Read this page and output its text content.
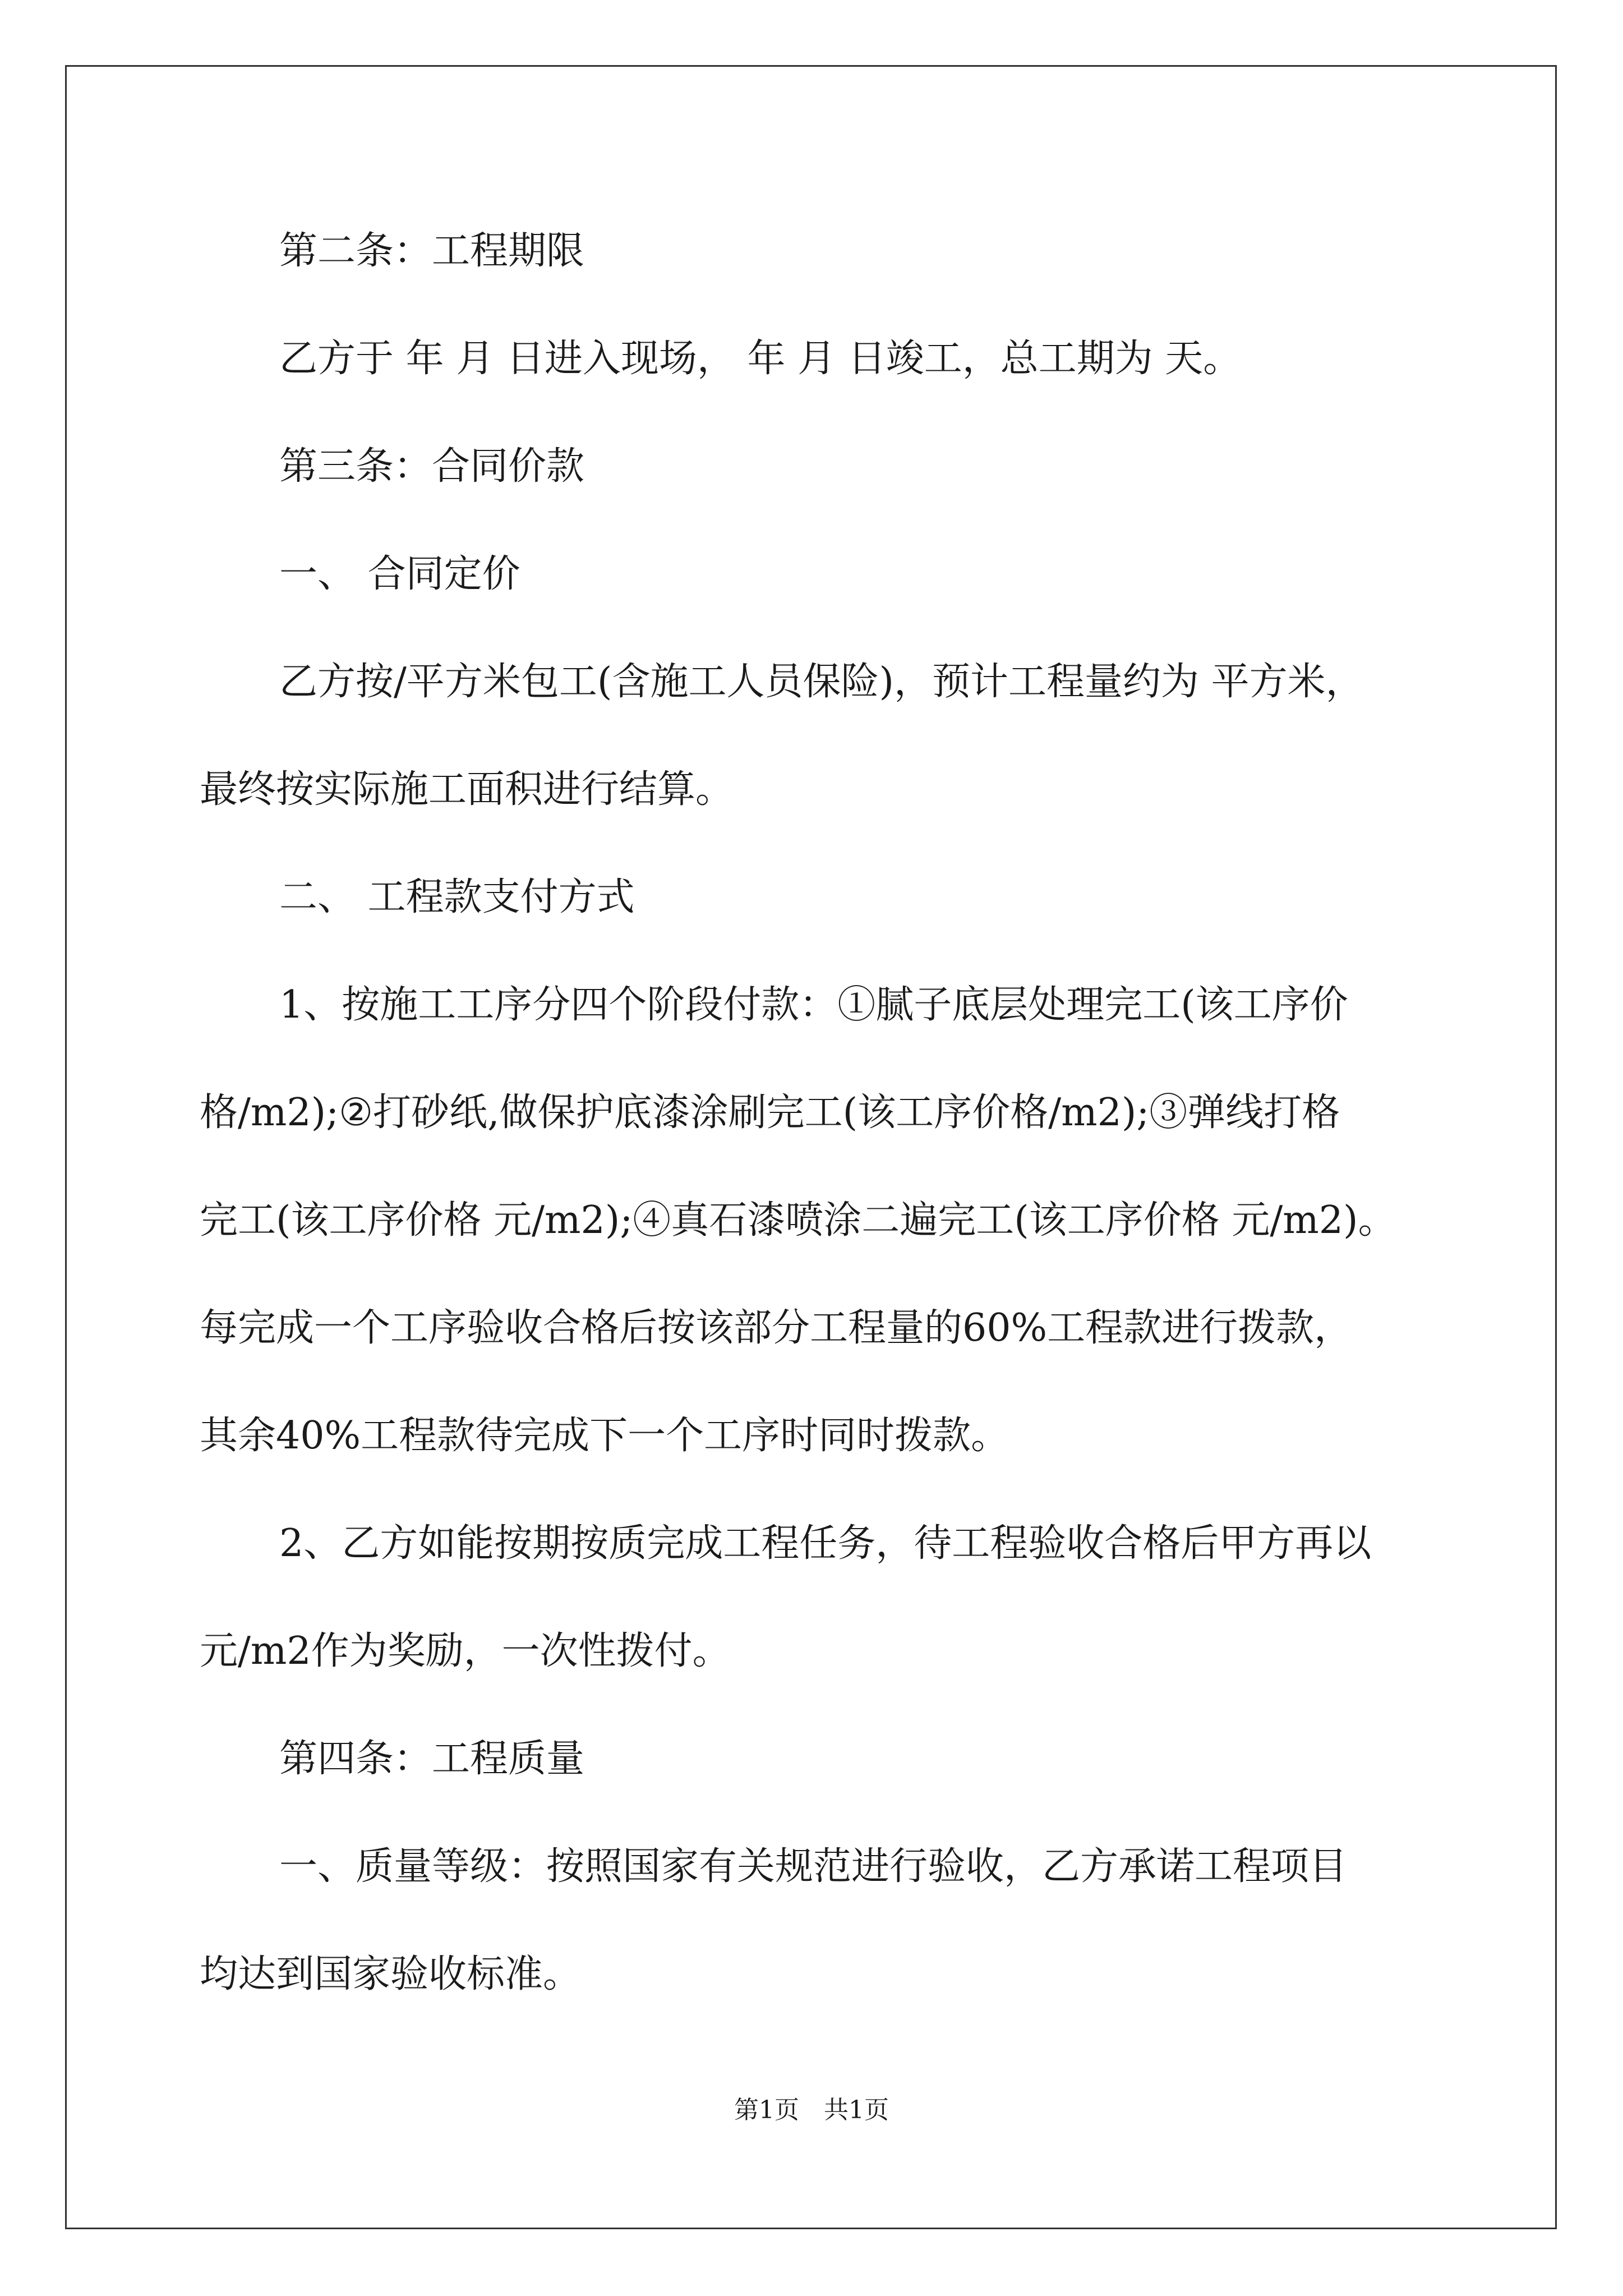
第二条：工程期限
乙方于 年 月 日进入现场， 年 月 日竣工，总工期为 天。
第三条：合同价款
一、 合同定价
乙方按/平方米包工(含施工人员保险)，预计工程量约为 平方米，
最终按实际施工面积进行结算。
二、 工程款支付方式
1、按施工工序分四个阶段付款：①腻子底层处理完工(该工序价
格/m2);②打砂纸,做保护底漆涂刷完工(该工序价格/m2);③弹线打格
完工(该工序价格 元/m2);④真石漆喷涂二遍完工(该工序价格 元/m2)。
每完成一个工序验收合格后按该部分工程量的60%工程款进行拨款，
其余40%工程款待完成下一个工序时同时拨款。
2、乙方如能按期按质完成工程任务，待工程验收合格后甲方再以
元/m2作为奖励，一次性拨付。
第四条：工程质量
一、质量等级：按照国家有关规范进行验收，乙方承诺工程项目
均达到国家验收标准。
第1页　共1页
